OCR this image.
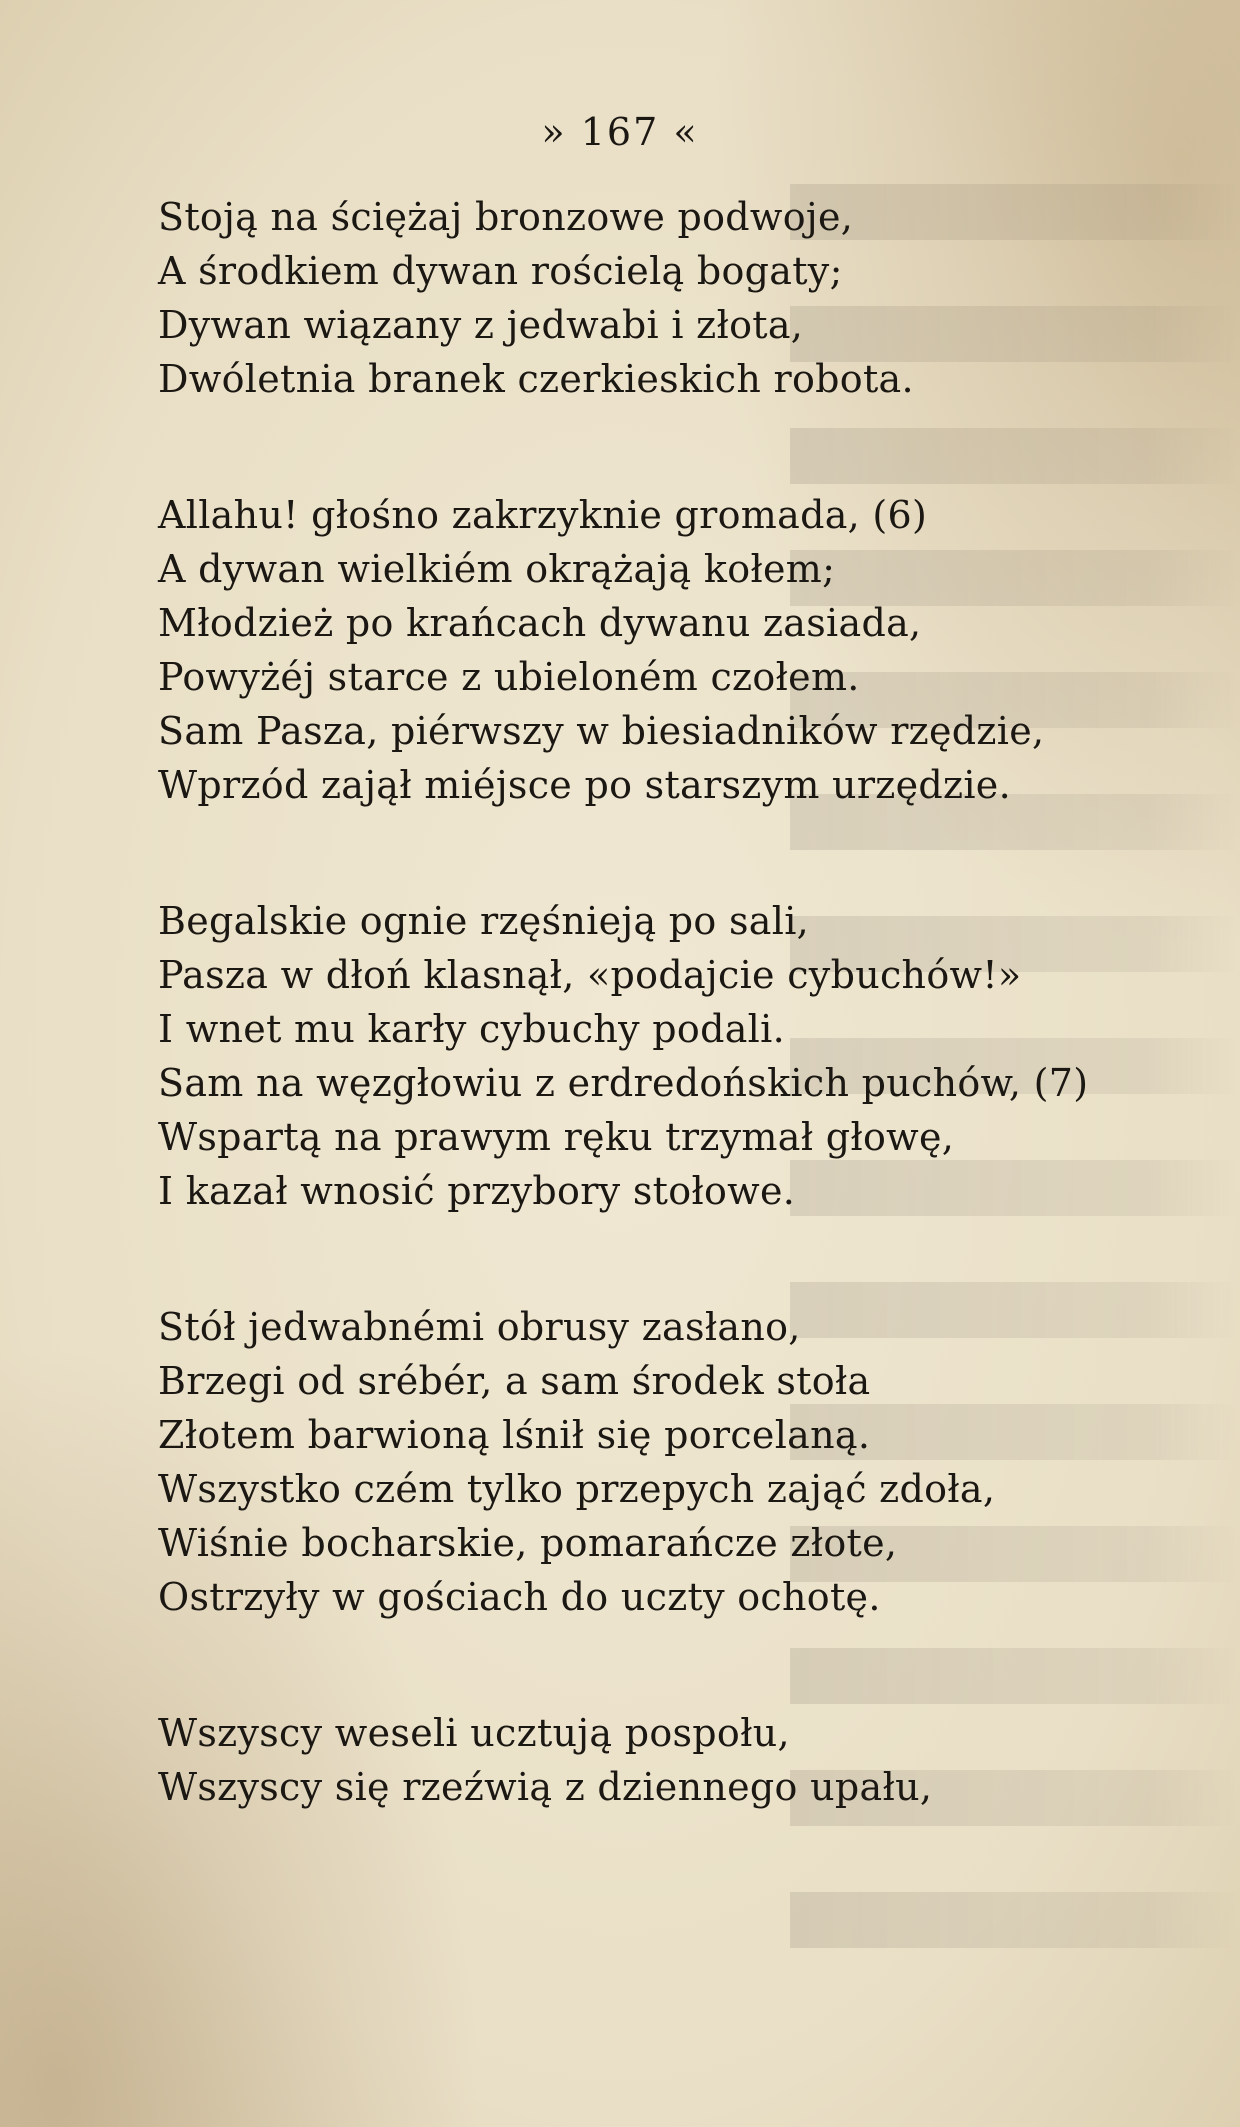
» 167 «
Stoją na ściężaj bronzowe podwoje,
A środkiem dywan rościelą bogaty;
Dywan wiązany z jedwabi i złota,
Dwóletnia branek czerkieskich robota.
Allahu! głośno zakrzyknie gromada, (6)
A dywan wielkiém okrążają kołem;
Młodzież po krańcach dywanu zasiada,
Powyżéj starce z ubieloném czołem.
Sam Pasza, piérwszy w biesiadników rzędzie,
Wprzód zajął miéjsce po starszym urzędzie.
Begalskie ognie rzęśnieją po sali,
Pasza w dłoń klasnął, «podajcie cybuchów!»
I wnet mu karły cybuchy podali.
Sam na węzgłowiu z erdredońskich puchów, (7)
Wspartą na prawym ręku trzymał głowę,
I kazał wnosić przybory stołowe.
Stół jedwabnémi obrusy zasłano,
Brzegi od srébér, a sam środek stoła
Złotem barwioną lśnił się porcelaną.
Wszystko czém tylko przepych zająć zdoła,
Wiśnie bocharskie, pomarańcze złote,
Ostrzyły w gościach do uczty ochotę.
Wszyscy weseli ucztują pospołu,
Wszyscy się rzeźwią z dziennego upału,
